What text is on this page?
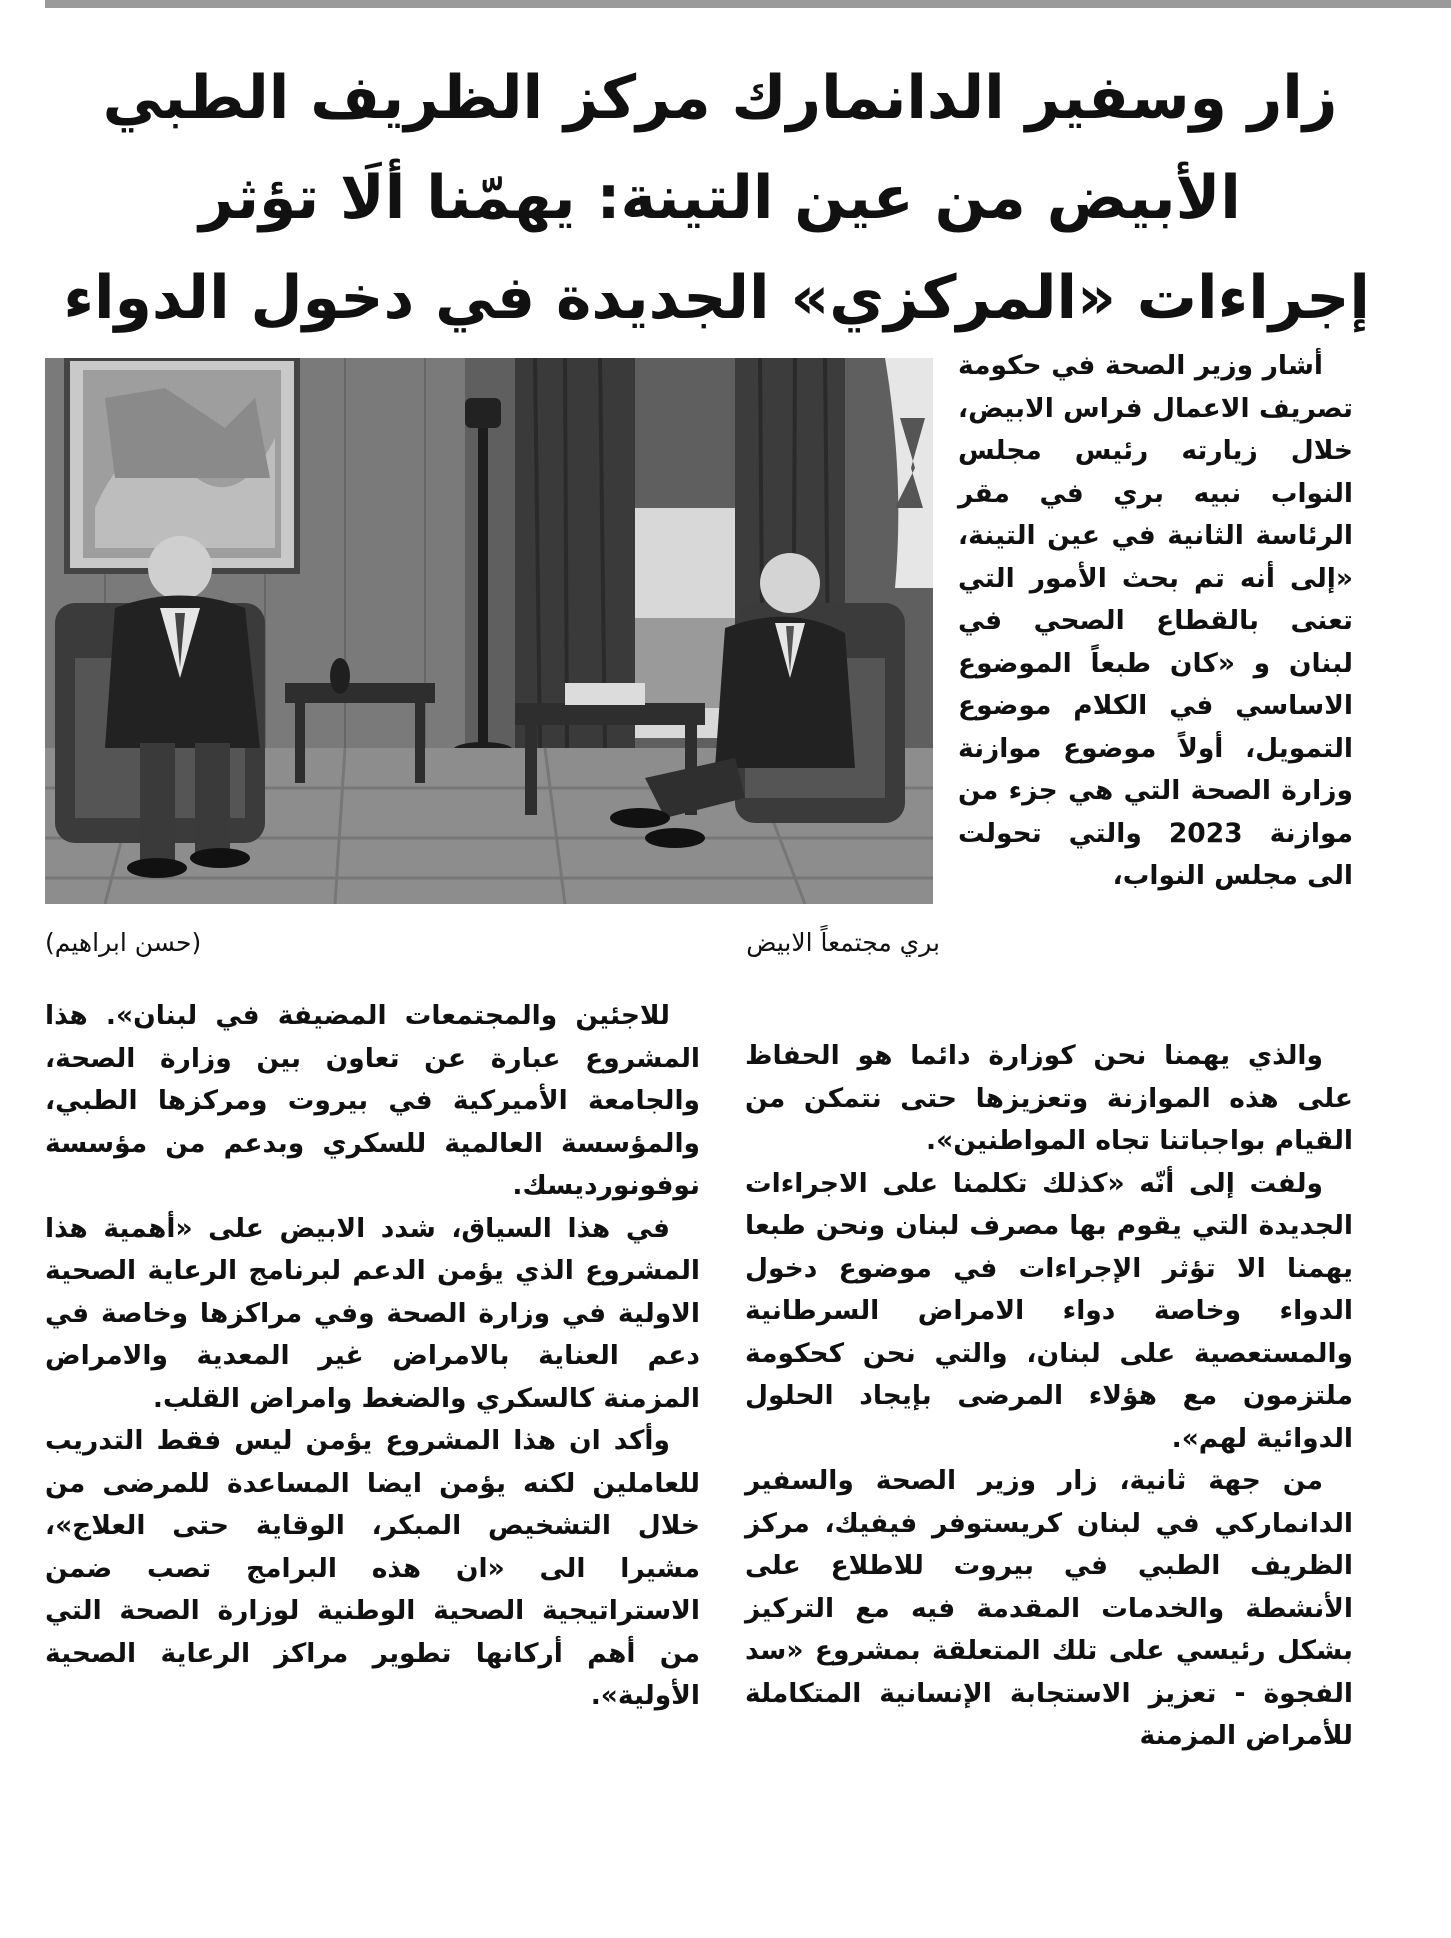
زار وسفير الدانمارك مركز الظريف الطبي
الأبيض من عين التينة: يهمّنا ألَا تؤثر
إجراءات «المركزي» الجديدة في دخول الدواء
(حسن ابراهيم)	بري مجتمعاً الابيض

أشار وزير الصحة في حكومة تصريف الاعمال فراس الابيض، خلال زيارته رئيس مجلس النواب نبيه بري في مقر الرئاسة الثانية في عين التينة، «إلى أنه تم بحث الأمور التي تعنى بالقطاع الصحي في لبنان و «كان طبعاً الموضوع الاساسي في الكلام موضوع التمويل، أولاً موضوع موازنة وزارة الصحة التي هي جزء من موازنة 2023 والتي تحولت الى مجلس النواب،

والذي يهمنا نحن كوزارة دائما هو الحفاظ على هذه الموازنة وتعزيزها حتى نتمكن من القيام بواجباتنا تجاه المواطنين».

ولفت إلى أنّه «كذلك تكلمنا على الاجراءات الجديدة التي يقوم بها مصرف لبنان ونحن طبعا يهمنا الا تؤثر الإجراءات في موضوع دخول الدواء وخاصة دواء الامراض السرطانية والمستعصية على لبنان، والتي نحن كحكومة ملتزمون مع هؤلاء المرضى بإيجاد الحلول الدوائية لهم».

من جهة ثانية، زار وزير الصحة والسفير الدانماركي في لبنان كريستوفر فيفيك، مركز الظريف الطبي في بيروت للاطلاع على الأنشطة والخدمات المقدمة فيه مع التركيز بشكل رئيسي على تلك المتعلقة بمشروع «سد الفجوة - تعزيز الاستجابة الإنسانية المتكاملة للأمراض المزمنة

للاجئين والمجتمعات المضيفة في لبنان». هذا المشروع عبارة عن تعاون بين وزارة الصحة، والجامعة الأميركية في بيروت ومركزها الطبي، والمؤسسة العالمية للسكري وبدعم من مؤسسة نوفونورديسك.

في هذا السياق، شدد الابيض على «أهمية هذا المشروع الذي يؤمن الدعم لبرنامج الرعاية الصحية الاولية في وزارة الصحة وفي مراكزها وخاصة في دعم العناية بالامراض غير المعدية والامراض المزمنة كالسكري والضغط وامراض القلب.

وأكد ان هذا المشروع يؤمن ليس فقط التدريب للعاملين لكنه يؤمن ايضا المساعدة للمرضى من خلال التشخيص المبكر، الوقاية حتى العلاج»، مشيرا الى «ان هذه البرامج تصب ضمن الاستراتيجية الصحية الوطنية لوزارة الصحة التي من أهم أركانها تطوير مراكز الرعاية الصحية الأولية».
